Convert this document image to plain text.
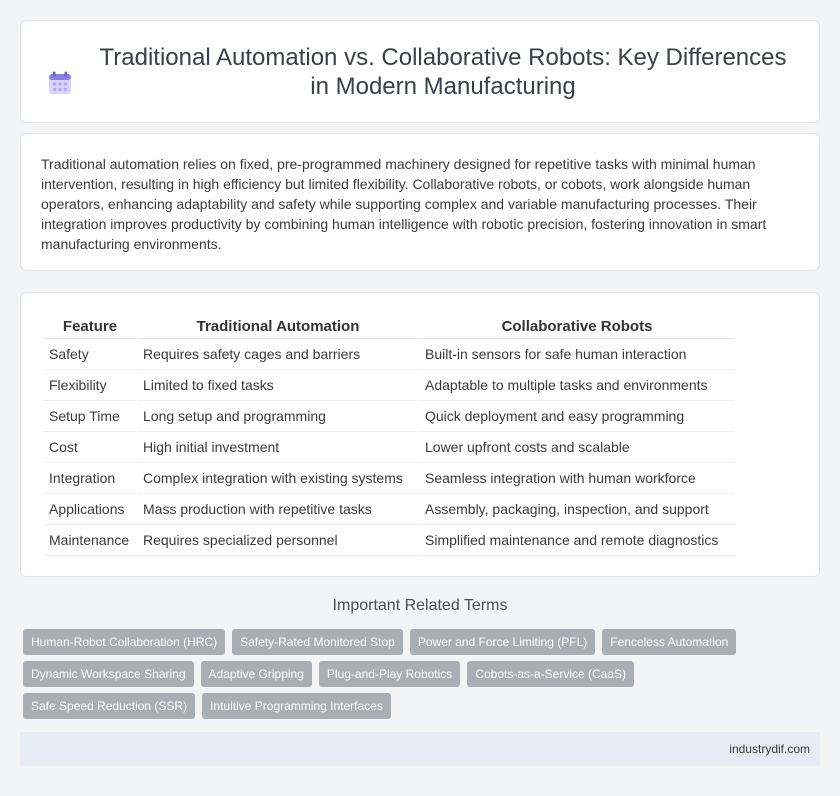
Traditional Automation vs. Collaborative Robots: Key Differences in Modern Manufacturing

Traditional automation relies on fixed, pre-programmed machinery designed for repetitive tasks with minimal human intervention, resulting in high efficiency but limited flexibility. Collaborative robots, or cobots, work alongside human operators, enhancing adaptability and safety while supporting complex and variable manufacturing processes. Their integration improves productivity by combining human intelligence with robotic precision, fostering innovation in smart manufacturing environments.

Feature	Traditional Automation	Collaborative Robots
Safety	Requires safety cages and barriers	Built-in sensors for safe human interaction
Flexibility	Limited to fixed tasks	Adaptable to multiple tasks and environments
Setup Time	Long setup and programming	Quick deployment and easy programming
Cost	High initial investment	Lower upfront costs and scalable
Integration	Complex integration with existing systems	Seamless integration with human workforce
Applications	Mass production with repetitive tasks	Assembly, packaging, inspection, and support
Maintenance	Requires specialized personnel	Simplified maintenance and remote diagnostics
Important Related Terms
Human-Robot Collaboration (HRC)	Safety-Rated Monitored Stop	Power and Force Limiting (PFL)	Fenceless Automation
Dynamic Workspace Sharing	Adaptive Gripping	Plug-and-Play Robotics	Cobots-as-a-Service (CaaS)
Safe Speed Reduction (SSR)	Intuitive Programming Interfaces
industrydif.com
